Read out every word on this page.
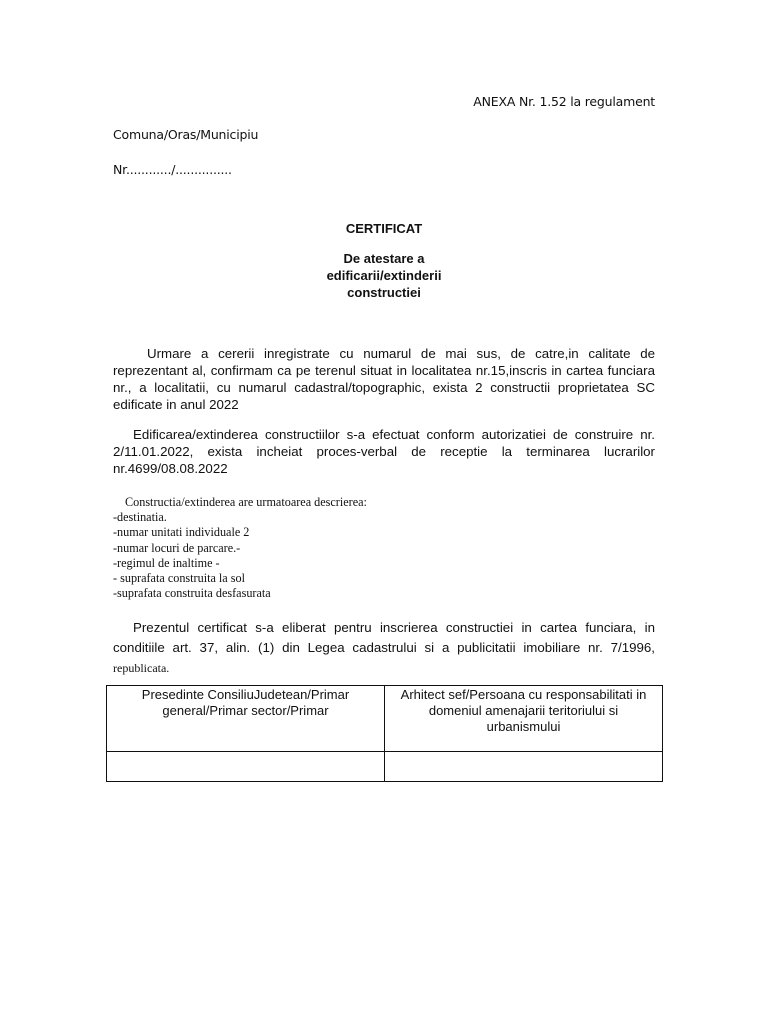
ANEXA Nr. 1.52 la regulament
Comuna/Oras/Municipiu
Nr............/...............
CERTIFICAT
De atestare a
edificarii/extinderii
constructiei
Urmare a cererii inregistrate cu numarul de mai sus, de catre,in calitate de reprezentant al, confirmam ca pe terenul situat in localitatea nr.15,inscris in cartea funciara nr., a localitatii, cu numarul cadastral/topographic, exista 2 constructii proprietatea SC edificate in anul 2022
Edificarea/extinderea constructiilor s-a efectuat conform autorizatiei de construire nr. 2/11.01.2022, exista incheiat proces-verbal de receptie la terminarea lucrarilor nr.4699/08.08.2022
Constructia/extinderea are urmatoarea descrierea:
-destinatia.
-numar unitati individuale 2
-numar locuri de parcare.-
-regimul de inaltime -
- suprafata construita la sol
-suprafata construita desfasurata
Prezentul certificat s-a eliberat pentru inscrierea constructiei in cartea funciara, in conditiile art. 37, alin. (1) din Legea cadastrului si a publicitatii imobiliare nr. 7/1996, republicata.
Presedinte ConsiliuJudetean/Primar general/Primar sector/Primar	Arhitect sef/Persoana cu responsabilitati in domeniul amenajarii teritoriului si urbanismului
